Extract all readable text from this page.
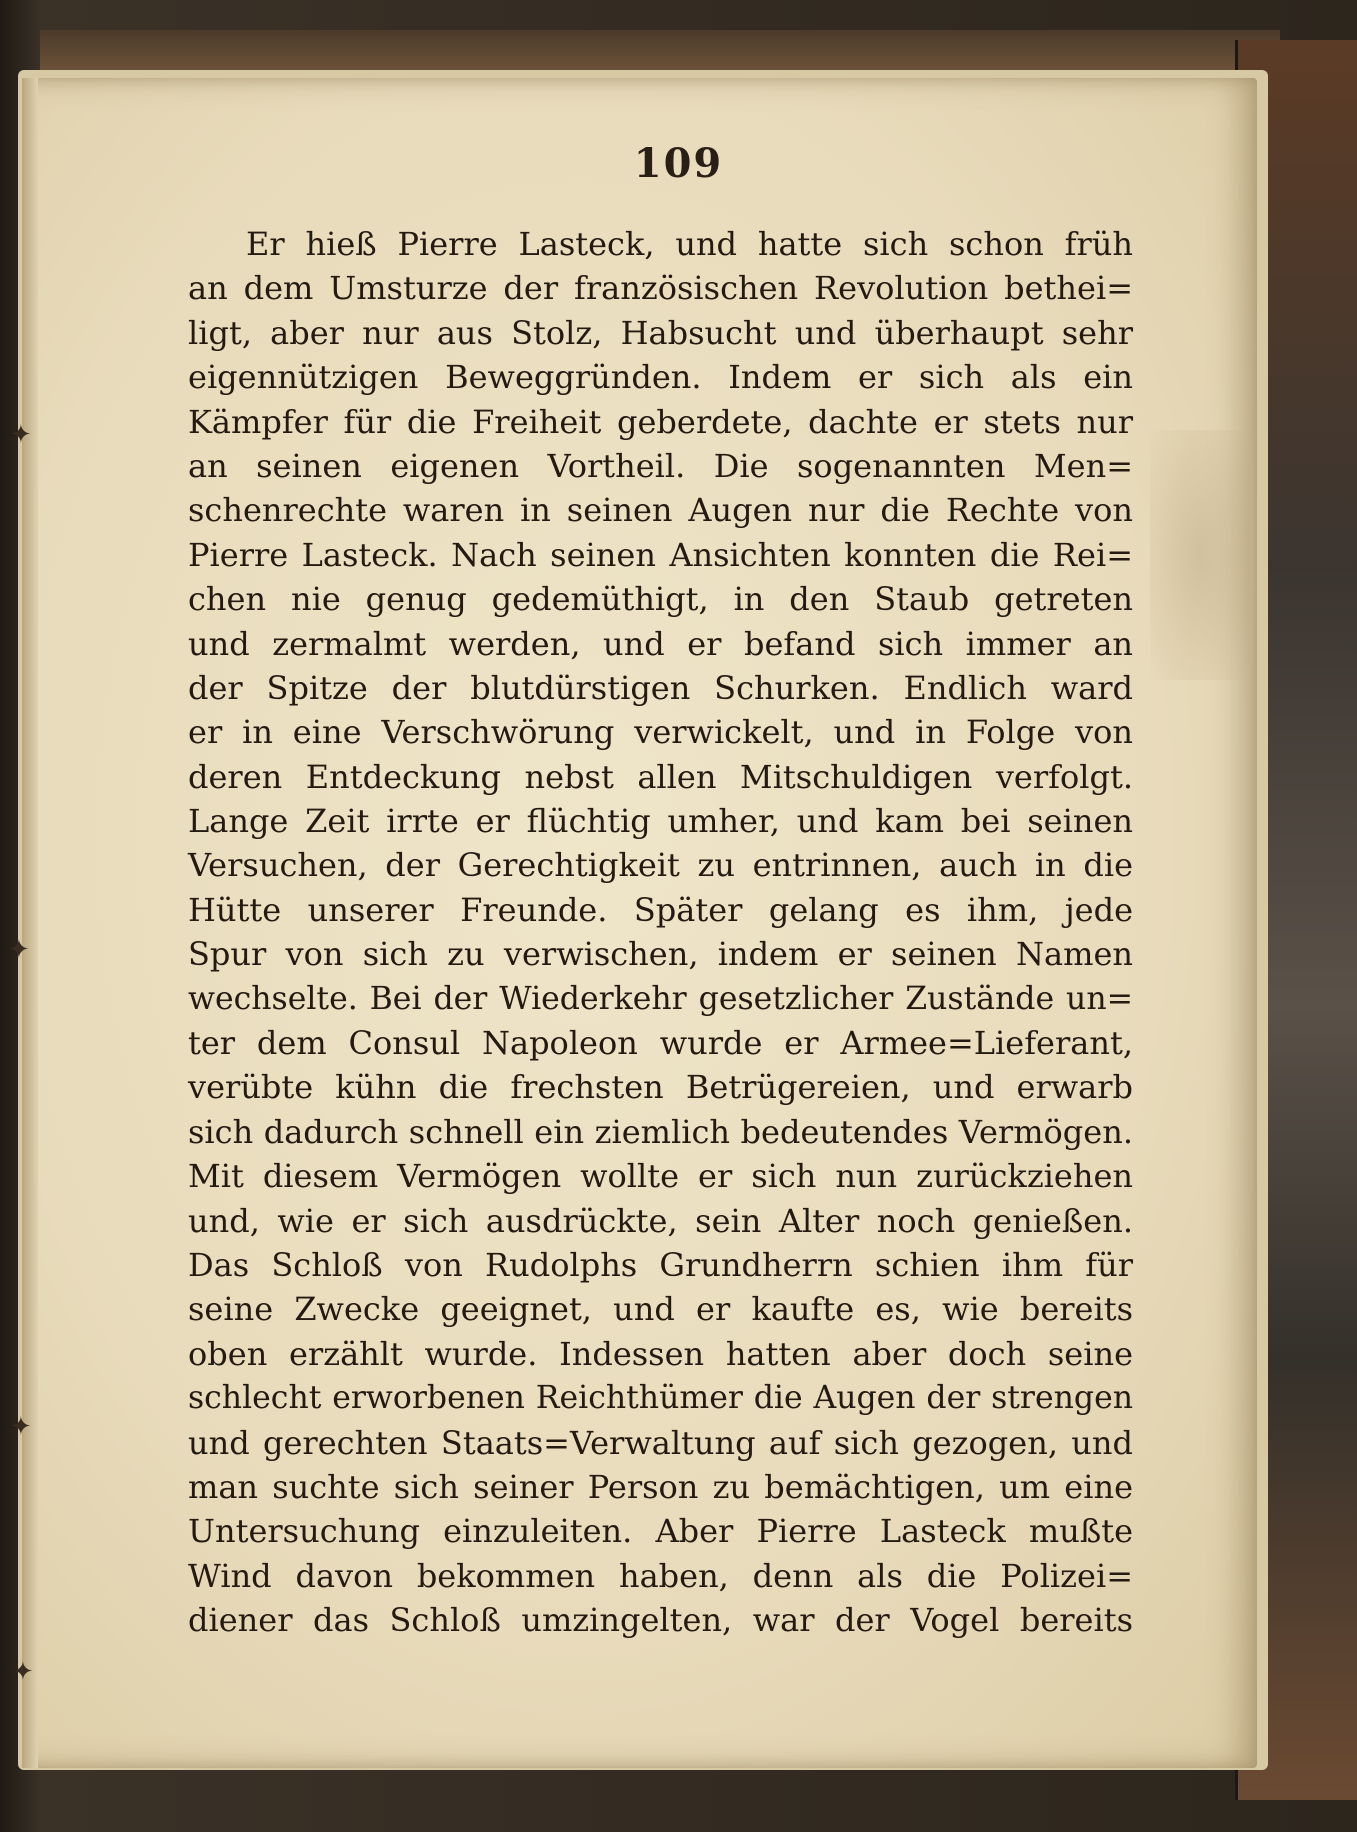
✦
✦
✦
✦
109
Er hieß Pierre Lasteck, und hatte sich schon früh
an dem Umsturze der französischen Revolution bethei=
ligt, aber nur aus Stolz, Habsucht und überhaupt sehr
eigennützigen Beweggründen. Indem er sich als ein
Kämpfer für die Freiheit geberdete, dachte er stets nur
an seinen eigenen Vortheil. Die sogenannten Men=
schenrechte waren in seinen Augen nur die Rechte von
Pierre Lasteck. Nach seinen Ansichten konnten die Rei=
chen nie genug gedemüthigt, in den Staub getreten
und zermalmt werden, und er befand sich immer an
der Spitze der blutdürstigen Schurken. Endlich ward
er in eine Verschwörung verwickelt, und in Folge von
deren Entdeckung nebst allen Mitschuldigen verfolgt.
Lange Zeit irrte er flüchtig umher, und kam bei seinen
Versuchen, der Gerechtigkeit zu entrinnen, auch in die
Hütte unserer Freunde. Später gelang es ihm, jede
Spur von sich zu verwischen, indem er seinen Namen
wechselte. Bei der Wiederkehr gesetzlicher Zustände un=
ter dem Consul Napoleon wurde er Armee=Lieferant,
verübte kühn die frechsten Betrügereien, und erwarb
sich dadurch schnell ein ziemlich bedeutendes Vermögen.
Mit diesem Vermögen wollte er sich nun zurückziehen
und, wie er sich ausdrückte, sein Alter noch genießen.
Das Schloß von Rudolphs Grundherrn schien ihm für
seine Zwecke geeignet, und er kaufte es, wie bereits
oben erzählt wurde. Indessen hatten aber doch seine
schlecht erworbenen Reichthümer die Augen der strengen
und gerechten Staats=Verwaltung auf sich gezogen, und
man suchte sich seiner Person zu bemächtigen, um eine
Untersuchung einzuleiten. Aber Pierre Lasteck mußte
Wind davon bekommen haben, denn als die Polizei=
diener das Schloß umzingelten, war der Vogel bereits
